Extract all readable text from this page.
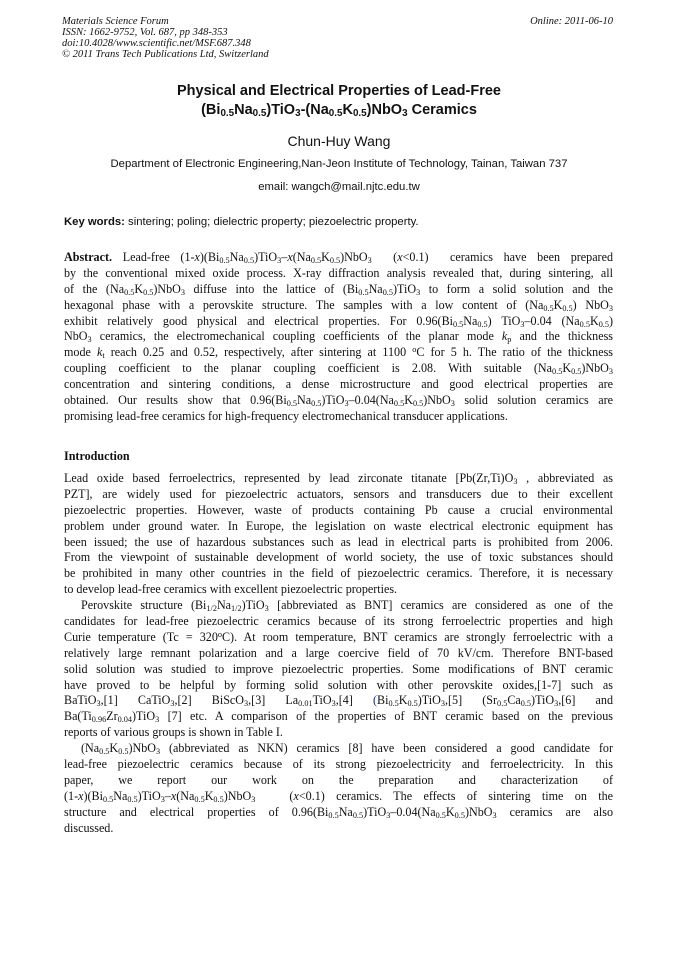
Materials Science Forum
ISSN: 1662-9752, Vol. 687, pp 348-353
doi:10.4028/www.scientific.net/MSF.687.348
© 2011 Trans Tech Publications Ltd, Switzerland
Online: 2011-06-10
Physical and Electrical Properties of Lead-Free
$(Bi_{0.5}Na_{0.5})TiO_3-(Na_{0.5}K_{0.5})NbO_3$ Ceramics
Chun-Huy Wang
Department of Electronic Engineering,Nan-Jeon Institute of Technology, Tainan, Taiwan 737
email: wangch@mail.njtc.edu.tw
Key words: sintering; poling; dielectric property; piezoelectric property.
Abstract. Lead-free $(1-x)(Bi_{0.5}Na_{0.5})TiO_3-x(Na_{0.5}K_{0.5})NbO_3$  (x<0.1)  ceramics have been prepared
by the conventional mixed oxide process. X-ray diffraction analysis revealed that, during sintering, all
of the $(Na_{0.5}K_{0.5})NbO_3$ diffuse into the lattice of $(Bi_{0.5}Na_{0.5})TiO_3$ to form a solid solution and the
hexagonal phase with a perovskite structure. The samples with a low content of $(Na_{0.5}K_{0.5})$ NbO$_3$
exhibit relatively good physical and electrical properties. For $0.96(Bi_{0.5}Na_{0.5})$ TiO$_3$–0.04 $(Na_{0.5}K_{0.5})$
NbO$_3$ ceramics, the electromechanical coupling coefficients of the planar mode $k_p$ and the thickness
mode $k_t$ reach 0.25 and 0.52, respectively, after sintering at 1100 $^o$C for 5 h. The ratio of the thickness
coupling coefficient to the planar coupling coefficient is 2.08. With suitable $(Na_{0.5}K_{0.5})NbO_3$
concentration and sintering conditions, a dense microstructure and good electrical properties are
obtained. Our results show that $0.96(Bi_{0.5}Na_{0.5})TiO_3-0.04(Na_{0.5}K_{0.5})NbO_3$ solid solution ceramics are
promising lead-free ceramics for high-frequency electromechanical transducer applications.
Introduction
Lead oxide based ferroelectrics, represented by lead zirconate titanate [$Pb(Zr,Ti)O_3$ , abbreviated as
PZT], are widely used for piezoelectric actuators, sensors and transducers due to their excellent
piezoelectric properties. However, waste of products containing Pb cause a crucial environmental
problem under ground water. In Europe, the legislation on waste electrical electronic equipment has
been issued; the use of hazardous substances such as lead in electrical parts is prohibited from 2006.
From the viewpoint of sustainable development of world society, the use of toxic substances should
be prohibited in many other countries in the field of piezoelectric ceramics. Therefore, it is necessary
to develop lead-free ceramics with excellent piezoelectric properties.
Perovskite structure $(Bi_{1/2}Na_{1/2})TiO_3$ [abbreviated as BNT] ceramics are considered as one of the
candidates for lead-free piezoelectric ceramics because of its strong ferroelectric properties and high
Curie temperature $(Tc = 320^oC)$. At room temperature, BNT ceramics are strongly ferroelectric with a
relatively large remnant polarization and a large coercive field of 70 kV/cm. Therefore BNT-based
solid solution was studied to improve piezoelectric properties. Some modifications of BNT ceramic
have proved to be helpful by forming solid solution with other perovskite oxides,[1-7] such as
BaTiO$_3$,[1] CaTiO$_3$,[2] BiScO$_3$,[3] $La_{0.01}TiO_3,[4]$ $(Bi_{0.5}K_{0.5})TiO_3,[5]$ $(Sr_{0.5}Ca_{0.5})TiO_3,[6]$ and
$Ba(Ti_{0.96}Zr_{0.04})TiO_3$ [7] etc. A comparison of the properties of BNT ceramic based on the previous
reports of various groups is shown in Table I.
$(Na_{0.5}K_{0.5})NbO_3$ (abbreviated as NKN) ceramics [8] have been considered a good candidate for
lead-free piezoelectric ceramics because of its strong piezoelectricity and ferroelectricity. In this
paper, we report our work on the preparation and characterization of
$(1-x)(Bi_{0.5}Na_{0.5})TiO_3-x(Na_{0.5}K_{0.5})NbO_3$   (x<0.1) ceramics. The effects of sintering time on the
structure and electrical properties of $0.96(Bi_{0.5}Na_{0.5})TiO_3-0.04(Na_{0.5}K_{0.5})NbO_3$ ceramics are also
discussed.
